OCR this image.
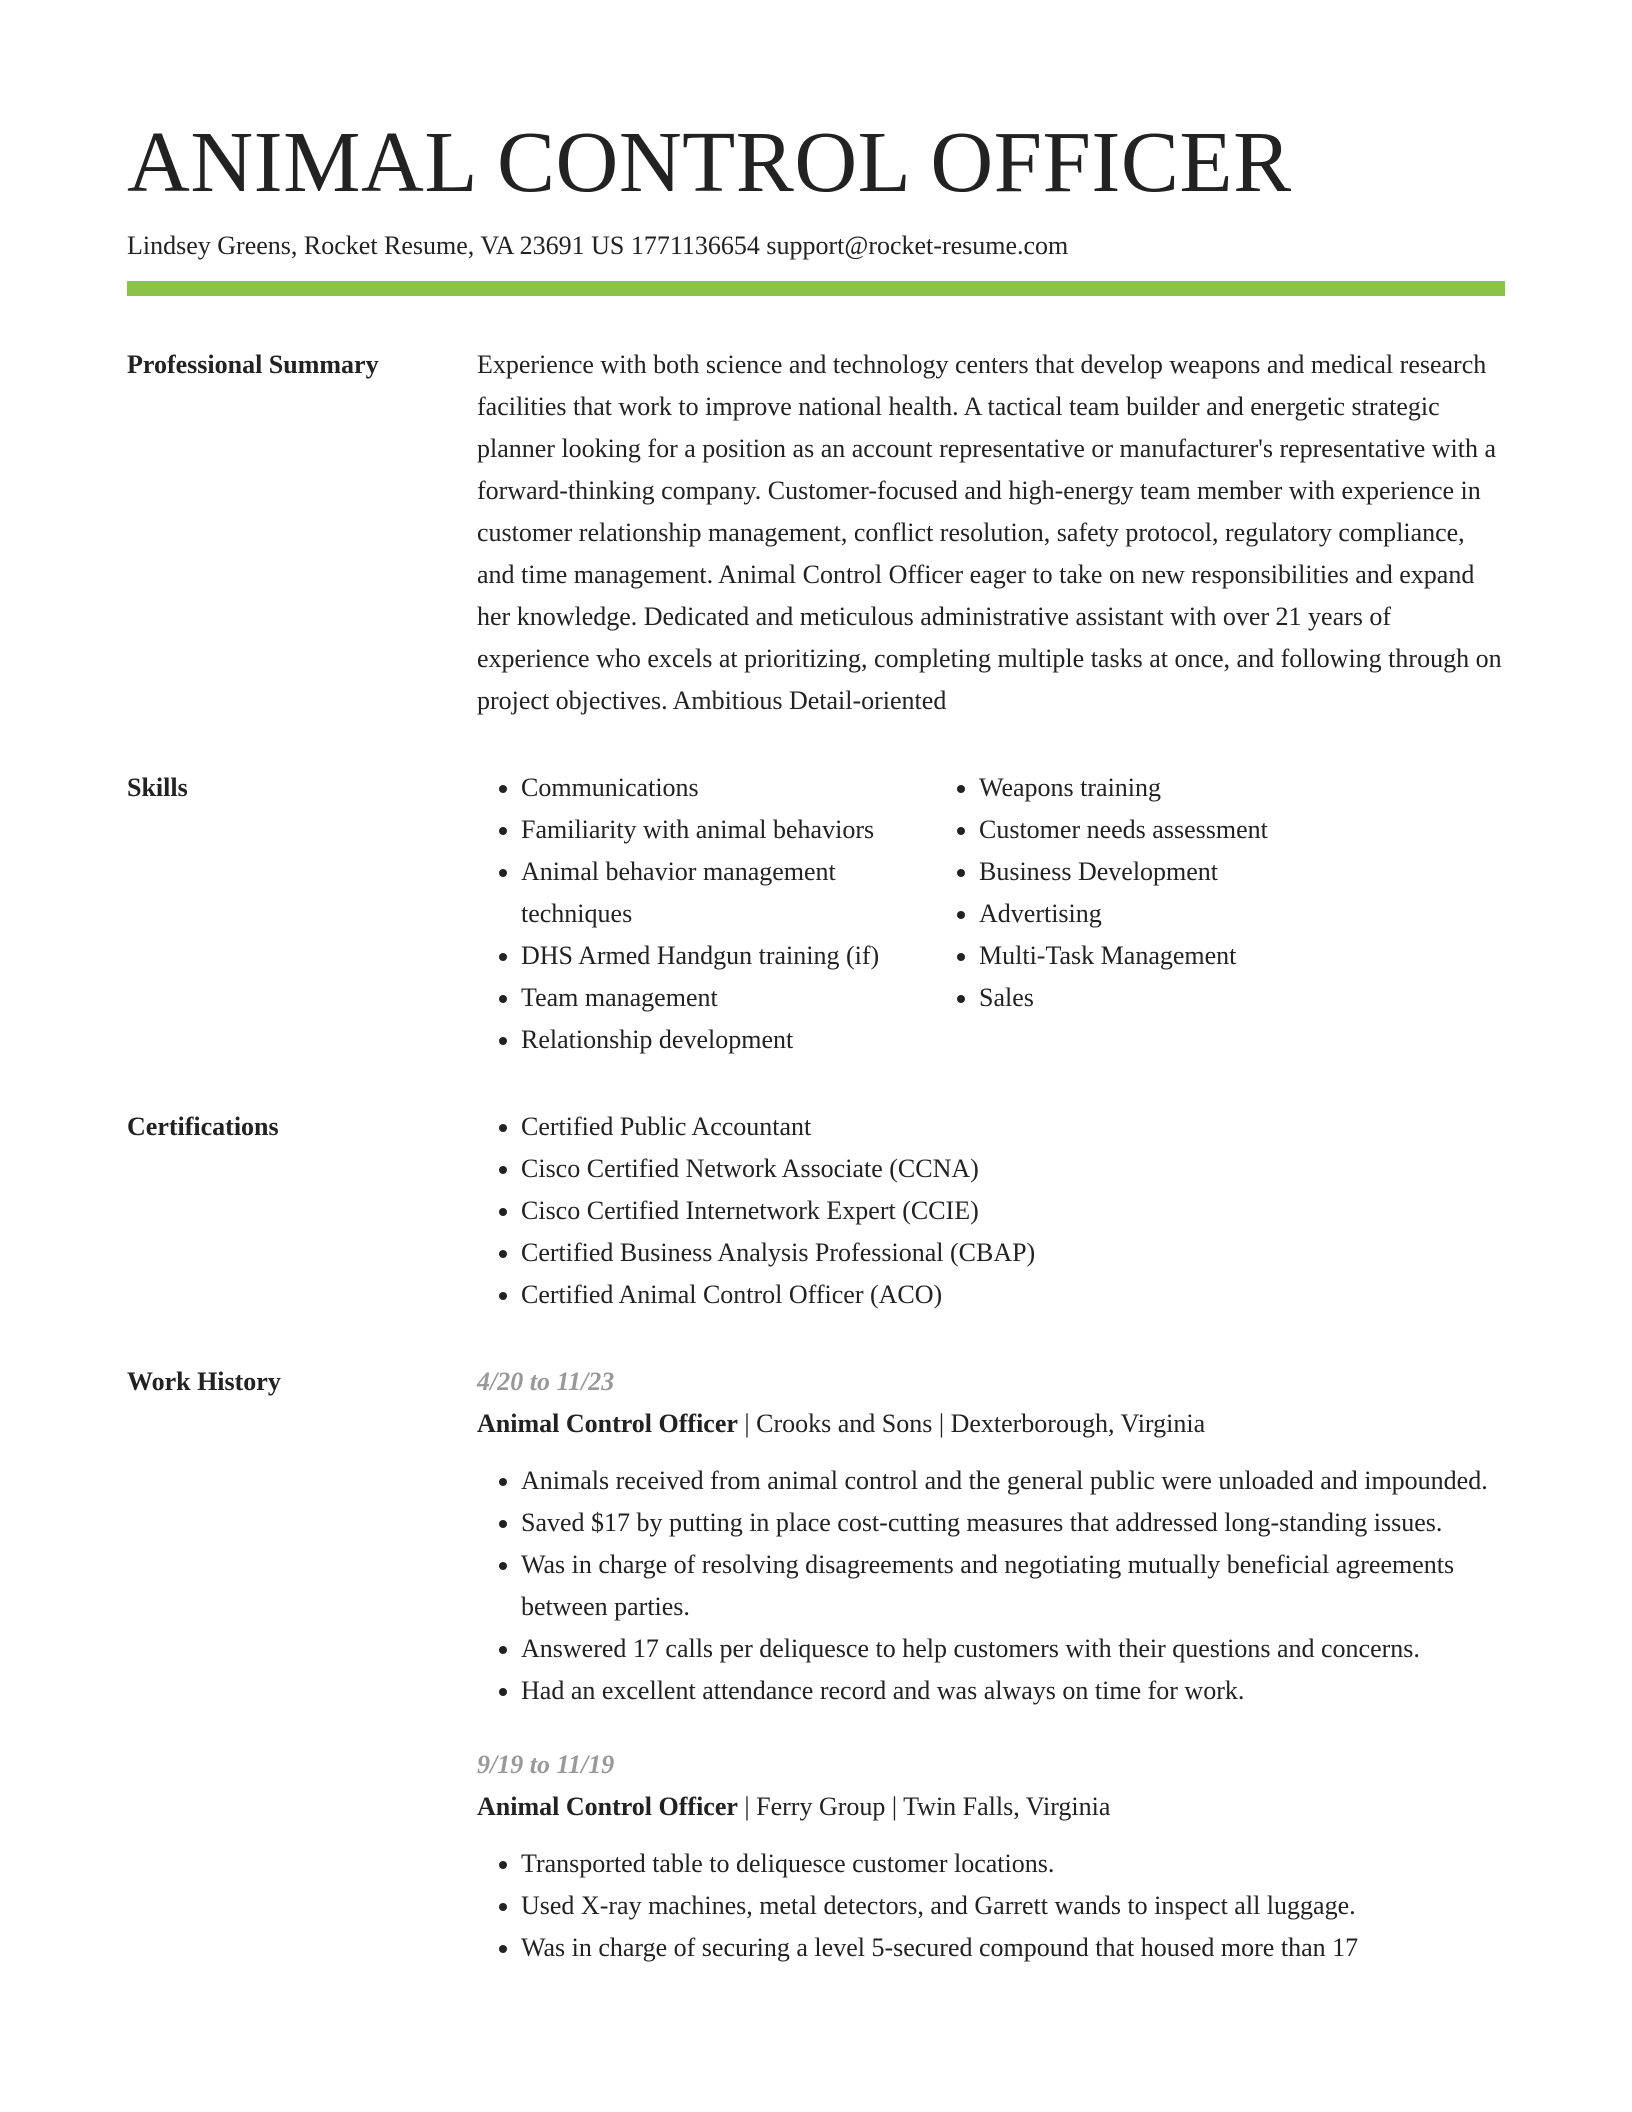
ANIMAL CONTROL OFFICER
Lindsey Greens, Rocket Resume, VA 23691 US 1771136654 support@rocket-resume.com
Professional Summary	Experience with both science and technology centers that develop weapons and medical research facilities that work to improve national health. A tactical team builder and energetic strategic planner looking for a position as an account representative or manufacturer's representative with a forward-thinking company. Customer-focused and high-energy team member with experience in customer relationship management, conflict resolution, safety protocol, regulatory compliance, and time management. Animal Control Officer eager to take on new responsibilities and expand her knowledge. Dedicated and meticulous administrative assistant with over 21 years of experience who excels at prioritizing, completing multiple tasks at once, and following through on project objectives. Ambitious Detail-oriented

Skills	• Communications
• Familiarity with animal behaviors
• Animal behavior management techniques
• DHS Armed Handgun training (if)
• Team management
• Relationship development
• Weapons training
• Customer needs assessment
• Business Development
• Advertising
• Multi-Task Management
• Sales
Certifications	• Certified Public Accountant
• Cisco Certified Network Associate (CCNA)
• Cisco Certified Internetwork Expert (CCIE)
• Certified Business Analysis Professional (CBAP)
• Certified Animal Control Officer (ACO)
Work History	4/20 to 11/23
Animal Control Officer | Crooks and Sons | Dexterborough, Virginia
• Animals received from animal control and the general public were unloaded and impounded.
• Saved $17 by putting in place cost-cutting measures that addressed long-standing issues.
• Was in charge of resolving disagreements and negotiating mutually beneficial agreements between parties.
• Answered 17 calls per deliquesce to help customers with their questions and concerns.
• Had an excellent attendance record and was always on time for work.
9/19 to 11/19
Animal Control Officer | Ferry Group | Twin Falls, Virginia
• Transported table to deliquesce customer locations.
• Used X-ray machines, metal detectors, and Garrett wands to inspect all luggage.
• Was in charge of securing a level 5-secured compound that housed more than 17
